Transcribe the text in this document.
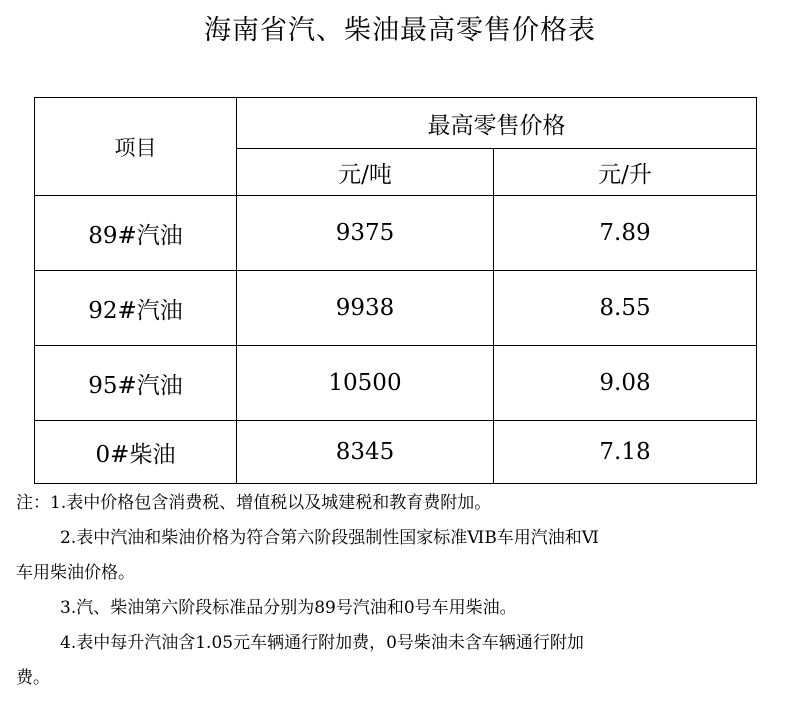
海南省汽、柴油最高零售价格表
项目	最高零售价格	
	元/吨	元/升
89#汽油	9375	7.89
92#汽油	9938	8.55
95#汽油	10500	9.08
0#柴油	8345	7.18
注：1.表中价格包含消费税、增值税以及城建税和教育费附加。
2.表中汽油和柴油价格为符合第六阶段强制性国家标准ⅥB车用汽油和Ⅵ
车用柴油价格。
3.汽、柴油第六阶段标准品分别为89号汽油和0号车用柴油。
4.表中每升汽油含1.05元车辆通行附加费，0号柴油未含车辆通行附加
费。
